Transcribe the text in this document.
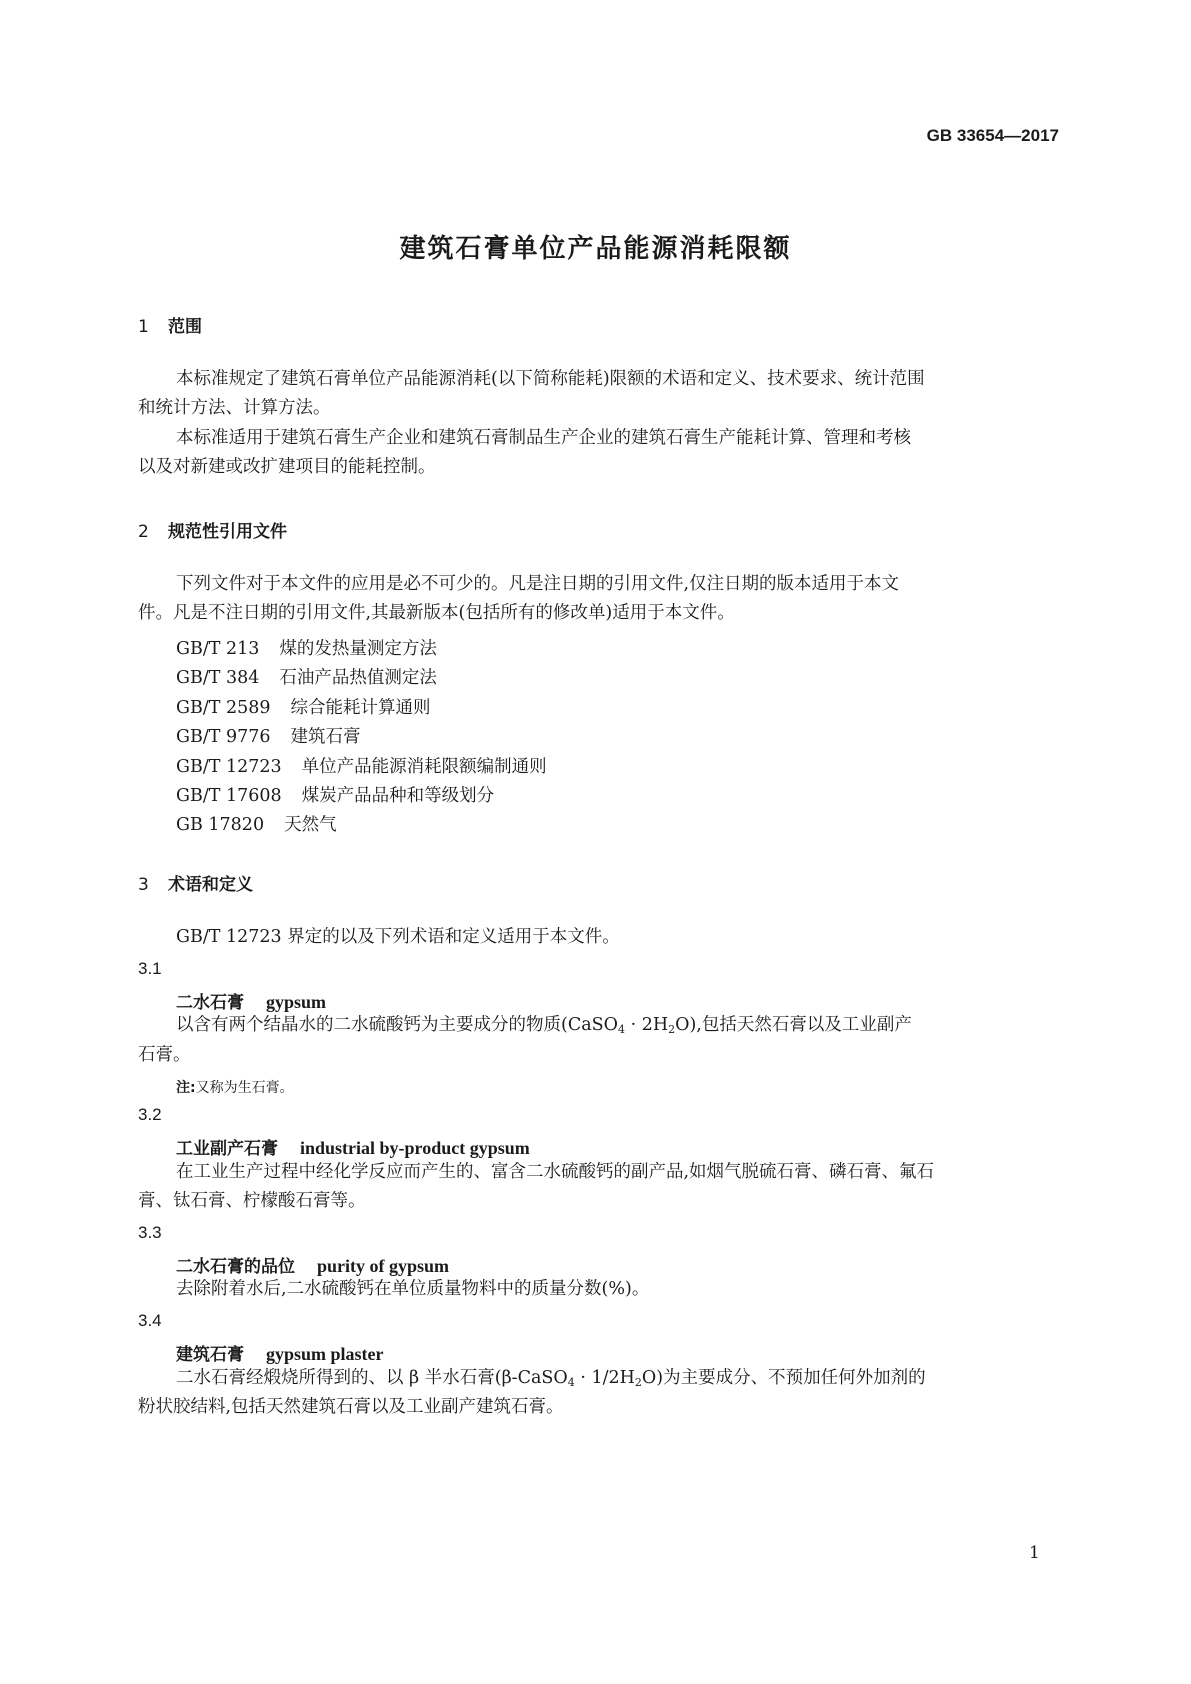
GB 33654—2017
建筑石膏单位产品能源消耗限额
1 范围
本标准规定了建筑石膏单位产品能源消耗(以下简称能耗)限额的术语和定义、技术要求、统计范围
和统计方法、计算方法。
本标准适用于建筑石膏生产企业和建筑石膏制品生产企业的建筑石膏生产能耗计算、管理和考核
以及对新建或改扩建项目的能耗控制。
2 规范性引用文件
下列文件对于本文件的应用是必不可少的。凡是注日期的引用文件,仅注日期的版本适用于本文
件。凡是不注日期的引用文件,其最新版本(包括所有的修改单)适用于本文件。
GB/T 213 煤的发热量测定方法
GB/T 384 石油产品热值测定法
GB/T 2589 综合能耗计算通则
GB/T 9776 建筑石膏
GB/T 12723 单位产品能源消耗限额编制通则
GB/T 17608 煤炭产品品种和等级划分
GB 17820 天然气
3 术语和定义
GB/T 12723 界定的以及下列术语和定义适用于本文件。
3.1
二水石膏 gypsum
以含有两个结晶水的二水硫酸钙为主要成分的物质(CaSO$_4$ · $2H_2O$),包括天然石膏以及工业副产
石膏。
注:又称为生石膏。
3.2
工业副产石膏 industrial by-product gypsum
在工业生产过程中经化学反应而产生的、富含二水硫酸钙的副产品,如烟气脱硫石膏、磷石膏、氟石
膏、钛石膏、柠檬酸石膏等。
3.3
二水石膏的品位 purity of gypsum
去除附着水后,二水硫酸钙在单位质量物料中的质量分数(%)。
3.4
建筑石膏 gypsum plaster
二水石膏经煅烧所得到的、以 β 半水石膏(β-CaSO$_4$ · $1/2H_2O$)为主要成分、不预加任何外加剂的
粉状胶结料,包括天然建筑石膏以及工业副产建筑石膏。
1
